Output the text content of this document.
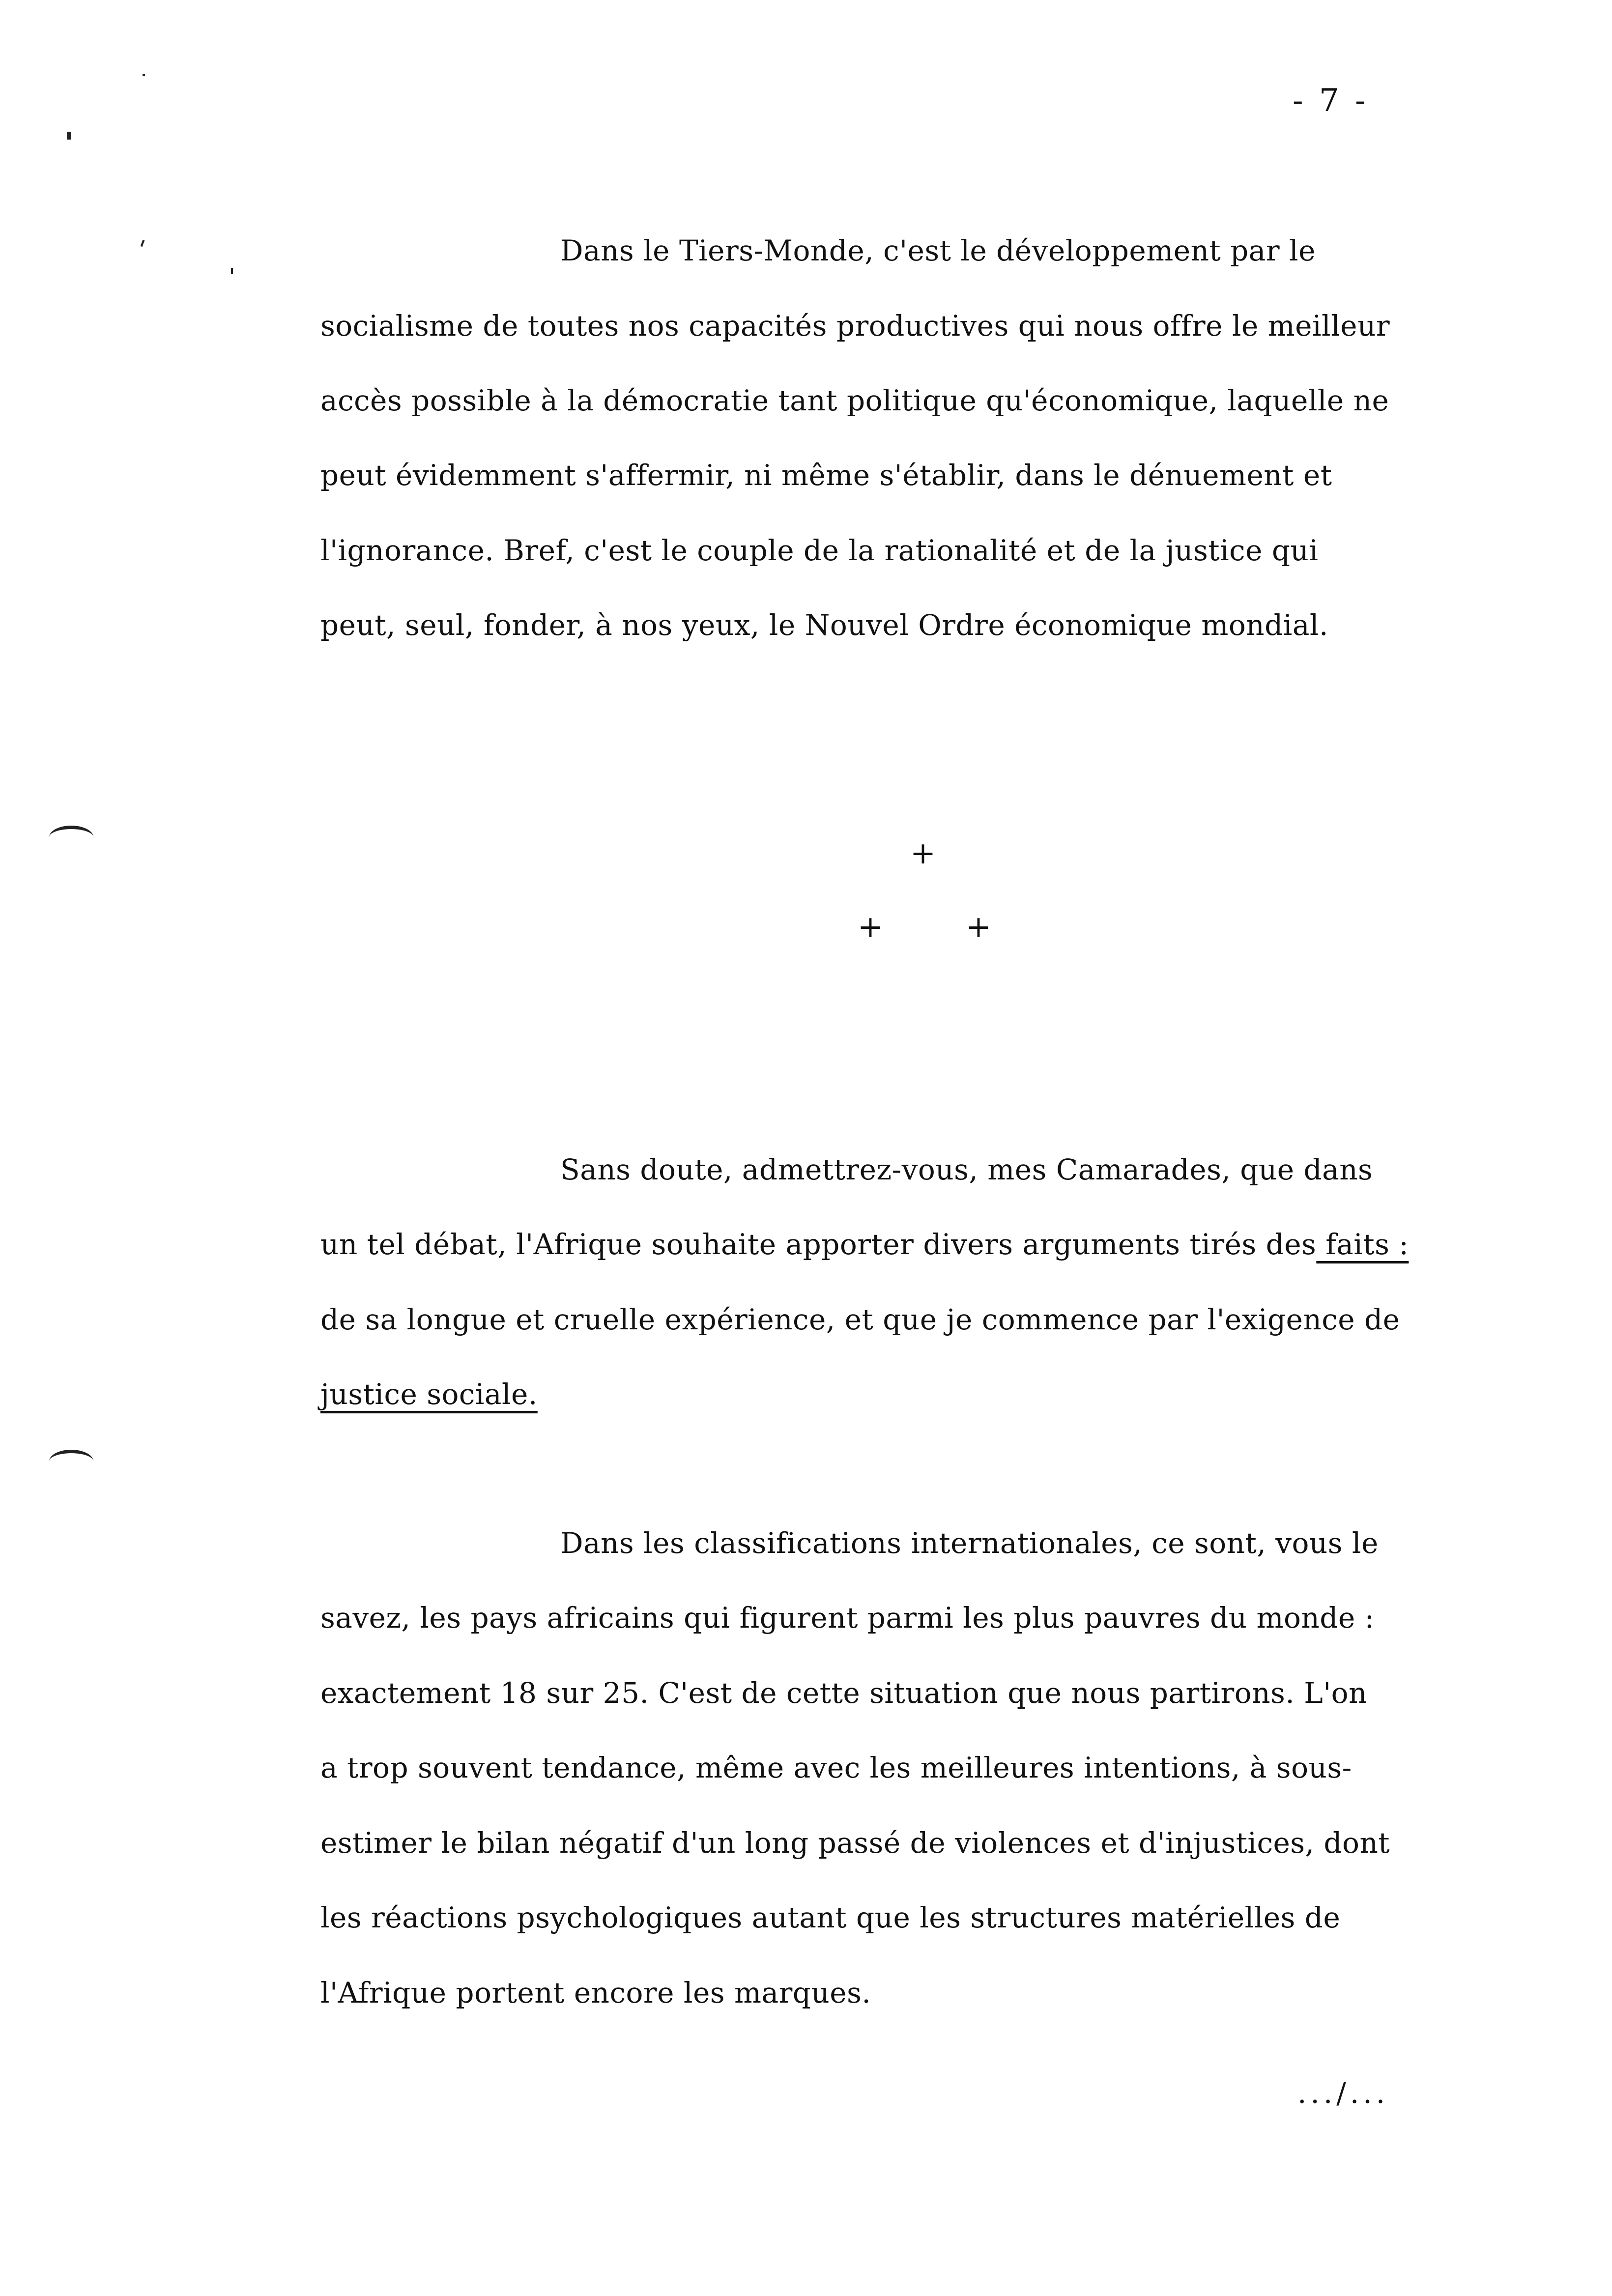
- 7 -
Dans le Tiers-Monde, c'est le développement par le
socialisme de toutes nos capacités productives qui nous offre le meilleur
accès possible à la démocratie tant politique qu'économique, laquelle ne
peut évidemment s'affermir, ni même s'établir, dans le dénuement et
l'ignorance. Bref, c'est le couple de la rationalité et de la justice qui
peut, seul, fonder, à nos yeux, le Nouvel Ordre économique mondial.
+
+	+
Sans doute, admettrez-vous, mes Camarades, que dans
un tel débat, l'Afrique souhaite apporter divers arguments tirés des faits :
de sa longue et cruelle expérience, et que je commence par l'exigence de
justice sociale.
Dans les classifications internationales, ce sont, vous le
savez, les pays africains qui figurent parmi les plus pauvres du monde :
exactement 18 sur 25. C'est de cette situation que nous partirons. L'on
a trop souvent tendance, même avec les meilleures intentions, à sous-
estimer le bilan négatif d'un long passé de violences et d'injustices, dont
les réactions psychologiques autant que les structures matérielles de
l'Afrique portent encore les marques.
.../...
